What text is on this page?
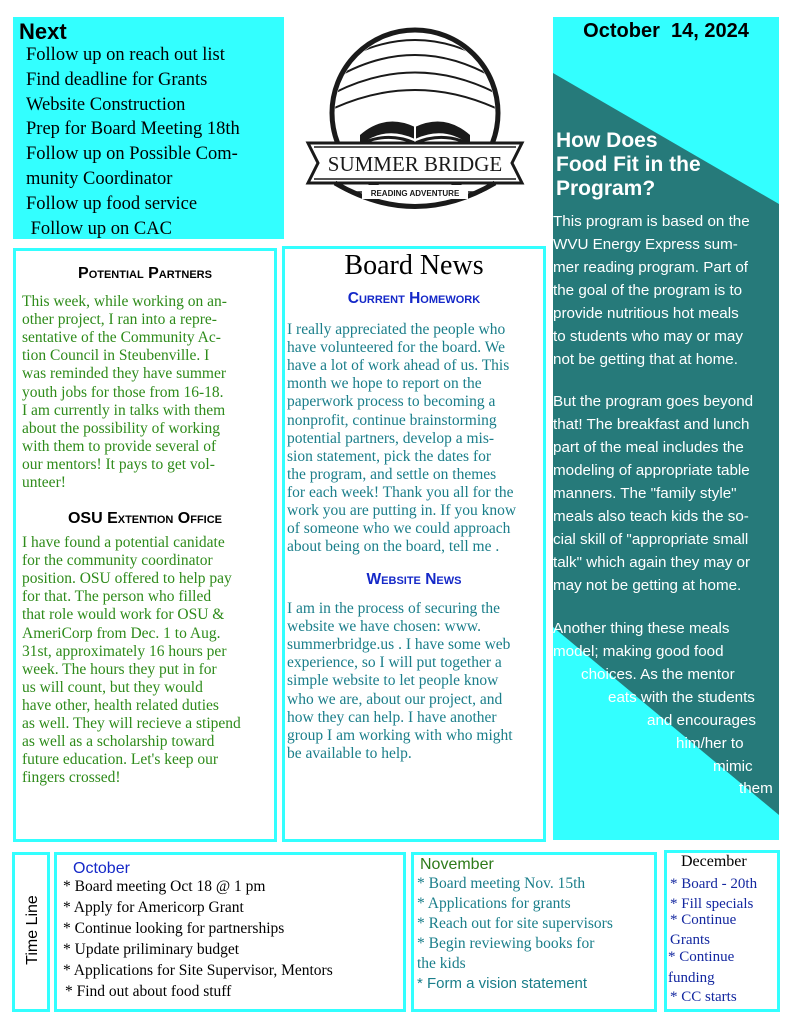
Next
Follow up on reach out list
Find deadline for Grants
Website Construction
Prep for Board Meeting 18th
Follow up on Possible Com-
munity Coordinator
Follow up food service
Follow up on CAC
SUMMER BRIDGE
READING ADVENTURE
October  14, 2024
How Does
Food Fit in the
Program?
This program is based on the
WVU Energy Express sum-
mer reading program. Part of
the goal of the program is to
provide nutritious hot meals
to students who may or may
not be getting that at home.
But the program goes beyond
that! The breakfast and lunch
part of the meal includes the
modeling of appropriate table
manners. The "family style"
meals also teach kids the so-
cial skill of "appropriate small
talk" which again they may or
may not be getting at home.
Another thing these meals
model; making good food
choices. As the mentor
eats with the students
and encourages
him/her to
mimic
them
Potential Partners
This week, while working on an-
other project, I ran into a repre-
sentative of the Community Ac-
tion Council in Steubenville. I
was reminded they have summer
youth jobs for those from 16-18.
I am currently in talks with them
about the possibility of working
with them to provide several of
our mentors! It pays to get vol-
unteer!
OSU Extention Office
I have found a potential canidate
for the community coordinator
position. OSU offered to help pay
for that. The person who filled
that role would work for OSU &
AmeriCorp from Dec. 1 to Aug.
31st, approximately 16 hours per
week. The hours they put in for
us will count, but they would
have other, health related duties
as well. They will recieve a stipend
as well as a scholarship toward
future education. Let's keep our
fingers crossed!
Board News
Current Homework
I really appreciated the people who
have volunteered for the board. We
have a lot of work ahead of us. This
month we hope to report on the
paperwork process to becoming a
nonprofit, continue brainstorming
potential partners, develop a mis-
sion statement, pick the dates for
the program, and settle on themes
for each week! Thank you all for the
work you are putting in. If you know
of someone who we could approach
about being on the board, tell me .
Website News
I am in the process of securing the
website we have chosen: www.
summerbridge.us . I have some web
experience, so I will put together a
simple website to let people know
who we are, about our project, and
how they can help. I have another
group I am working with who might
be available to help.
Time Line
October
* Board meeting Oct 18 @ 1 pm
* Apply for Americorp Grant
* Continue looking for partnerships
* Update priliminary budget
* Applications for Site Supervisor, Mentors
* Find out about food stuff
November
* Board meeting Nov. 15th
* Applications for grants
* Reach out for site supervisors
* Begin reviewing books for
the kids
* Form a vision statement
December
* Board - 20th
* Fill specials
* Continue
Grants
* Continue
funding
* CC starts
